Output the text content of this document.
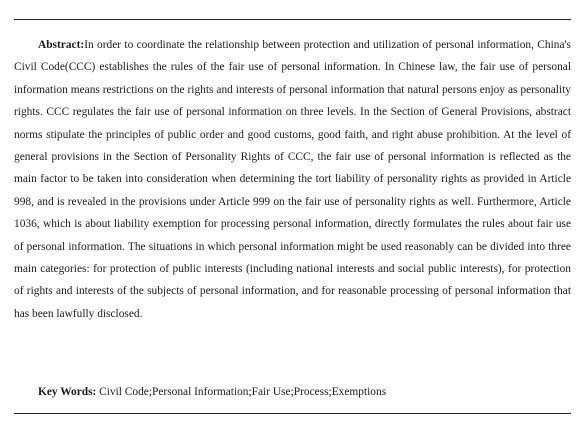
Abstract:In order to coordinate the relationship between protection and utilization of personal information, China's Civil Code(CCC) establishes the rules of the fair use of personal information. In Chinese law, the fair use of personal information means restrictions on the rights and interests of personal information that natural persons enjoy as personality rights. CCC regulates the fair use of personal information on three levels. In the Section of General Provisions, abstract norms stipulate the principles of public order and good customs, good faith, and right abuse prohibition. At the level of general provisions in the Section of Personality Rights of CCC, the fair use of personal information is reflected as the main factor to be taken into consideration when determining the tort liability of personality rights as provided in Article 998, and is revealed in the provisions under Article 999 on the fair use of personality rights as well. Furthermore, Article 1036, which is about liability exemption for processing personal information, directly formulates the rules about fair use of personal information. The situations in which personal information might be used reasonably can be divided into three main categories: for protection of public interests (including national interests and social public interests), for protection of rights and interests of the subjects of personal information, and for reasonable processing of personal information that has been lawfully disclosed.

Key Words: Civil Code;Personal Information;Fair Use;Process;Exemptions
